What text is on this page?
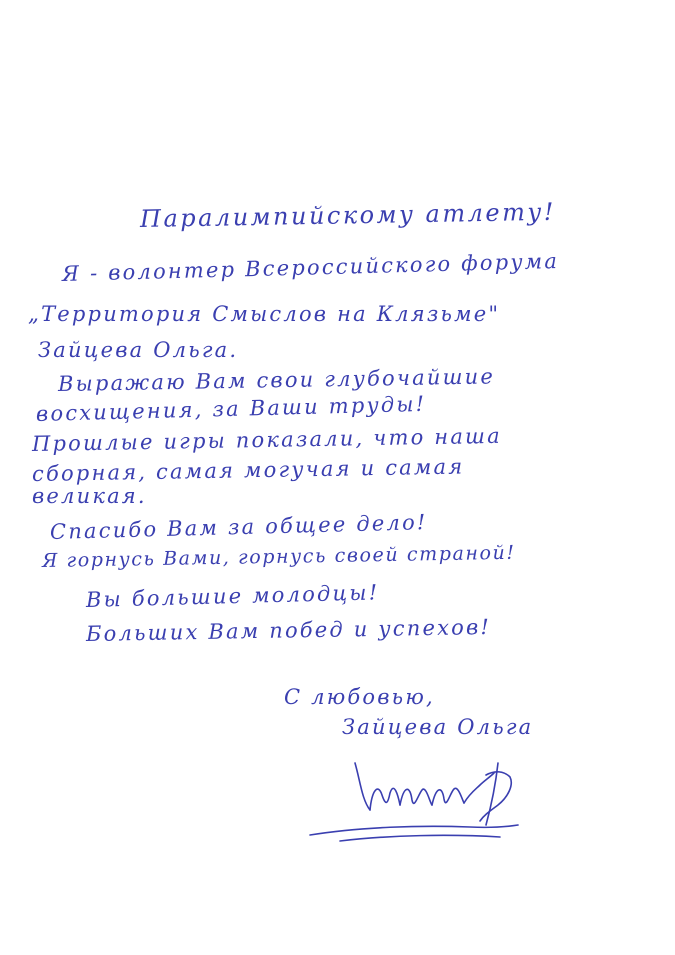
Паралимпийскому атлету!
Я - волонтер Всероссийского форума
„Территория Смыслов на Клязьме"
Зайцева Ольга.
Выражаю Вам свои глубочайшие
восхищения, за Ваши труды!
Прошлые игры показали, что наша
сборная, самая могучая и самая
великая.
Спасибо Вам за общее дело!
Я горнусь Вами, горнусь своей страной!
Вы большие молодцы!
Больших Вам побед и успехов!
С любовью,
Зайцева Ольга
